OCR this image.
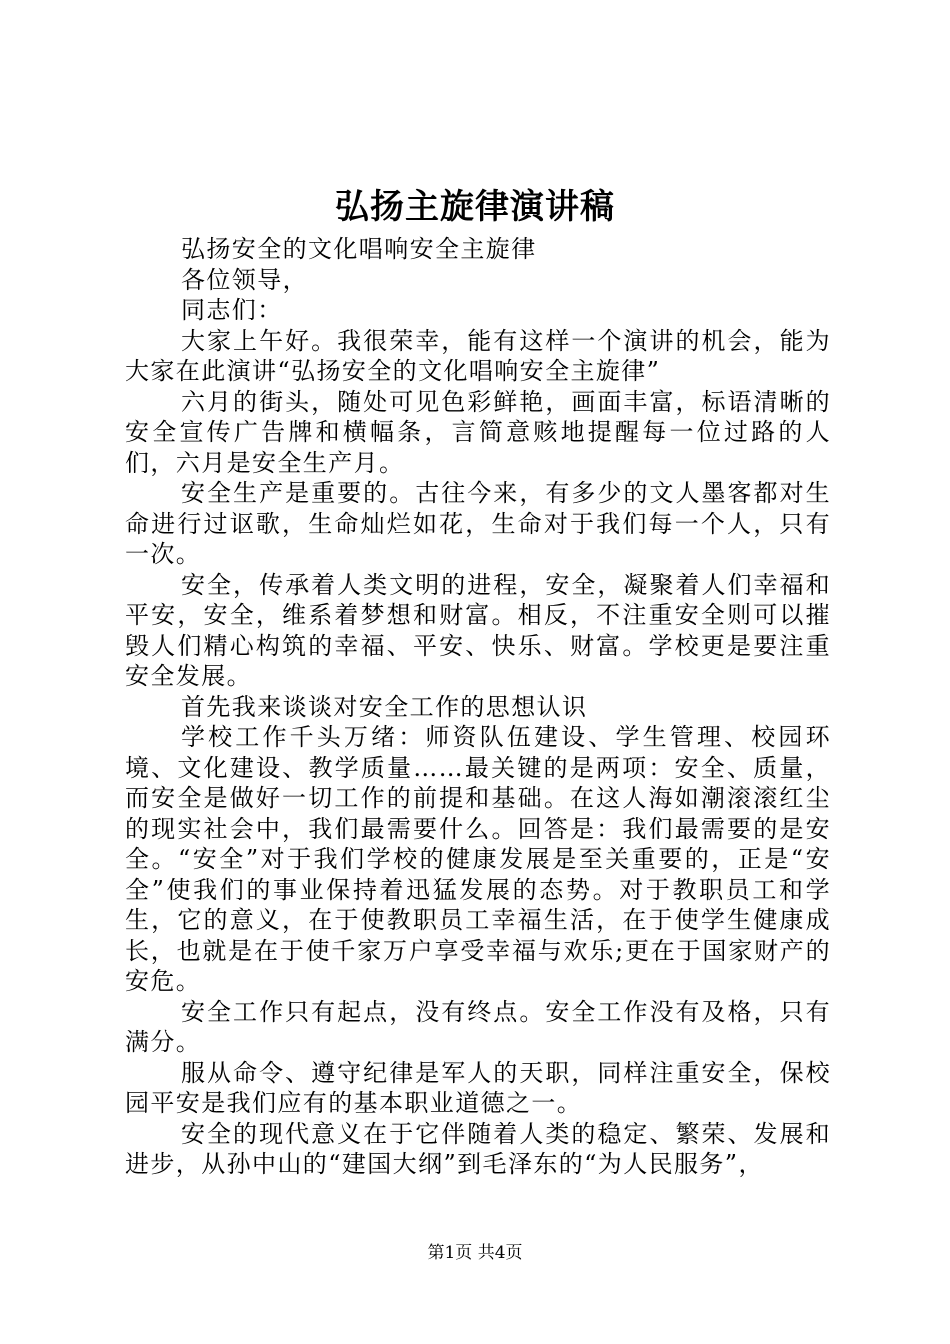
弘扬主旋律演讲稿

弘扬安全的文化唱响安全主旋律

各位领导，

同志们：

大家上午好。我很荣幸，能有这样一个演讲的机会，能为大家在此演讲“弘扬安全的文化唱响安全主旋律”

六月的街头，随处可见色彩鲜艳，画面丰富，标语清晰的安全宣传广告牌和横幅条，言简意赅地提醒每一位过路的人们，六月是安全生产月。

安全生产是重要的。古往今来，有多少的文人墨客都对生命进行过讴歌，生命灿烂如花，生命对于我们每一个人，只有一次。

安全，传承着人类文明的进程，安全，凝聚着人们幸福和平安，安全，维系着梦想和财富。相反，不注重安全则可以摧毁人们精心构筑的幸福、平安、快乐、财富。学校更是要注重安全发展。

首先我来谈谈对安全工作的思想认识

学校工作千头万绪：师资队伍建设、学生管理、校园环境、文化建设、教学质量……最关键的是两项：安全、质量，而安全是做好一切工作的前提和基础。在这人海如潮滚滚红尘的现实社会中，我们最需要什么。回答是：我们最需要的是安全。“安全”对于我们学校的健康发展是至关重要的，正是“安全”使我们的事业保持着迅猛发展的态势。对于教职员工和学生，它的意义，在于使教职员工幸福生活，在于使学生健康成长，也就是在于使千家万户享受幸福与欢乐;更在于国家财产的安危。

安全工作只有起点，没有终点。安全工作没有及格，只有满分。

服从命令、遵守纪律是军人的天职，同样注重安全，保校园平安是我们应有的基本职业道德之一。

安全的现代意义在于它伴随着人类的稳定、繁荣、发展和进步，从孙中山的“建国大纲”到毛泽东的“为人民服务”，

第1页 共4页
